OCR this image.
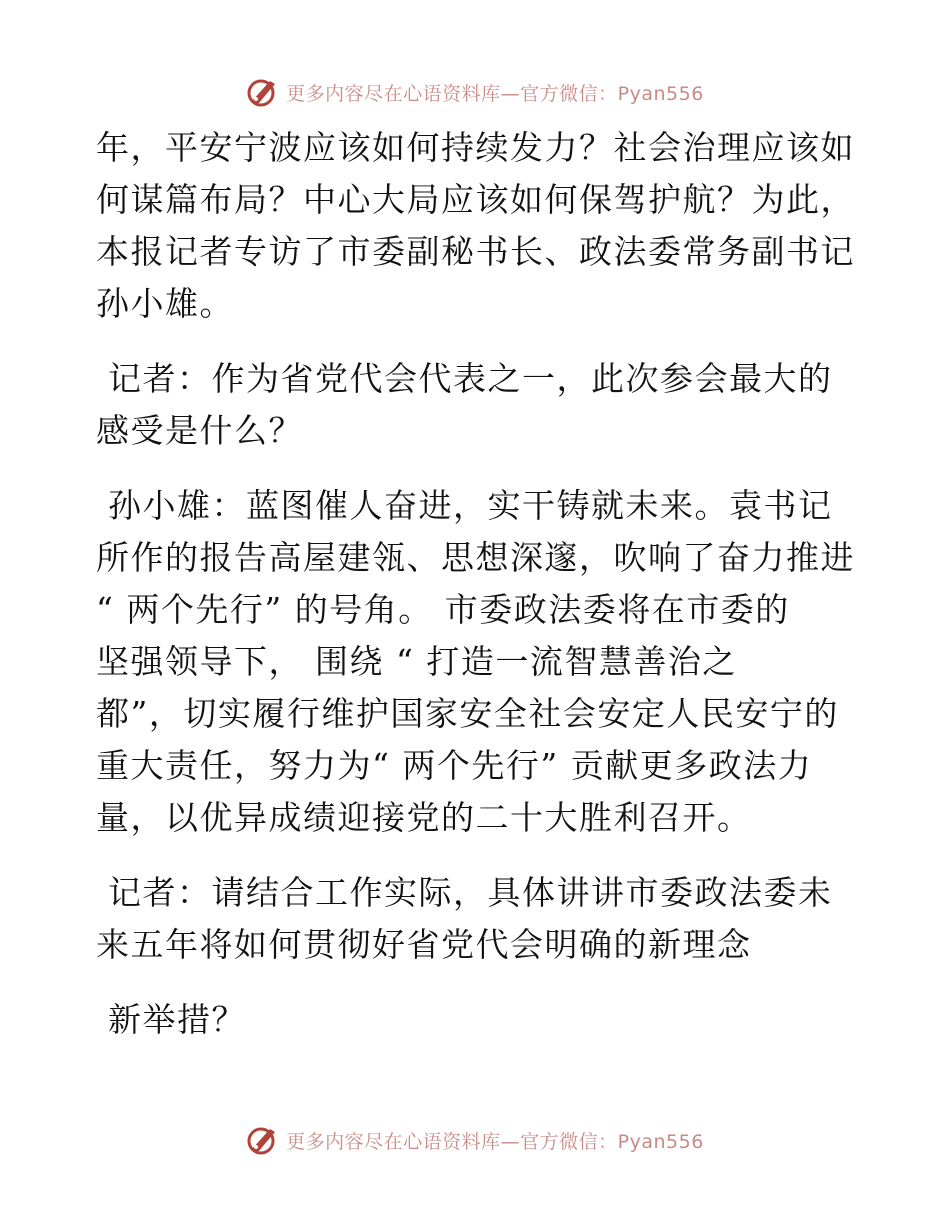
更多内容尽在心语资料库—官方微信：Pyan556
年，平安宁波应该如何持续发力？社会治理应该如
何谋篇布局？中心大局应该如何保驾护航？为此，
本报记者专访了市委副秘书长、政法委常务副书记
孙小雄。
记者：作为省党代会代表之一，此次参会最大的
感受是什么？
孙小雄：蓝图催人奋进，实干铸就未来。袁书记
所作的报告高屋建瓴、思想深邃，吹响了奋力推进
“ 两个先行” 的号角。 市委政法委将在市委的
坚强领导下， 围绕 “ 打造一流智慧善治之
都”，切实履行维护国家安全社会安定人民安宁的
重大责任，努力为“ 两个先行” 贡献更多政法力
量，以优异成绩迎接党的二十大胜利召开。
记者：请结合工作实际，具体讲讲市委政法委未
来五年将如何贯彻好省党代会明确的新理念
新举措？
更多内容尽在心语资料库—官方微信：Pyan556
